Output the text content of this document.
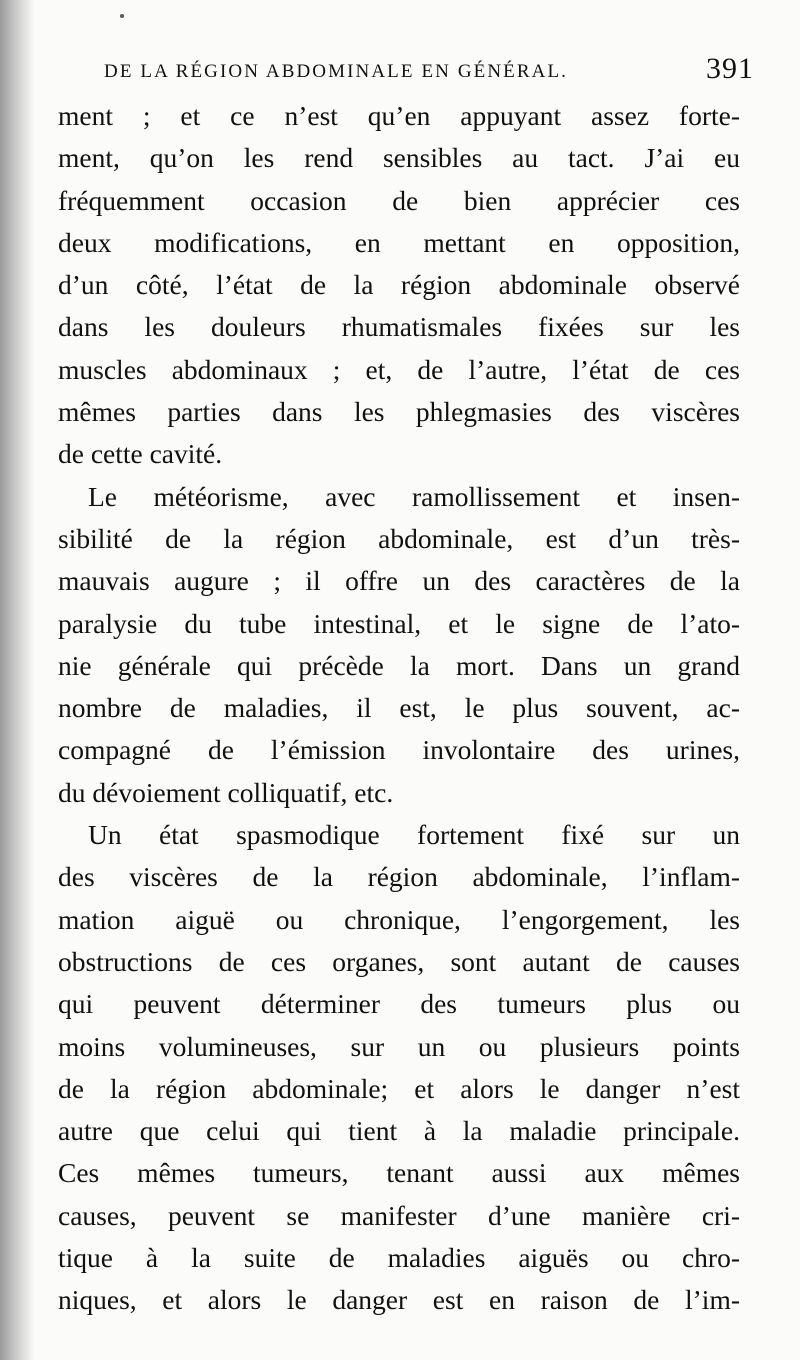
DE LA RÉGION ABDOMINALE EN GÉNÉRAL.	391
ment ; et ce n’est qu’en appuyant assez forte-
ment, qu’on les rend sensibles au tact. J’ai eu
fréquemment occasion de bien apprécier ces
deux modifications, en mettant en opposition,
d’un côté, l’état de la région abdominale observé
dans les douleurs rhumatismales fixées sur les
muscles abdominaux ; et, de l’autre, l’état de ces
mêmes parties dans les phlegmasies des viscères
de cette cavité.
Le météorisme, avec ramollissement et insen-
sibilité de la région abdominale, est d’un très-
mauvais augure ; il offre un des caractères de la
paralysie du tube intestinal, et le signe de l’ato-
nie générale qui précède la mort. Dans un grand
nombre de maladies, il est, le plus souvent, ac-
compagné de l’émission involontaire des urines,
du dévoiement colliquatif, etc.
Un état spasmodique fortement fixé sur un
des viscères de la région abdominale, l’inflam-
mation aiguë ou chronique, l’engorgement, les
obstructions de ces organes, sont autant de causes
qui peuvent déterminer des tumeurs plus ou
moins volumineuses, sur un ou plusieurs points
de la région abdominale; et alors le danger n’est
autre que celui qui tient à la maladie principale.
Ces mêmes tumeurs, tenant aussi aux mêmes
causes, peuvent se manifester d’une manière cri-
tique à la suite de maladies aiguës ou chro-
niques, et alors le danger est en raison de l’im-
